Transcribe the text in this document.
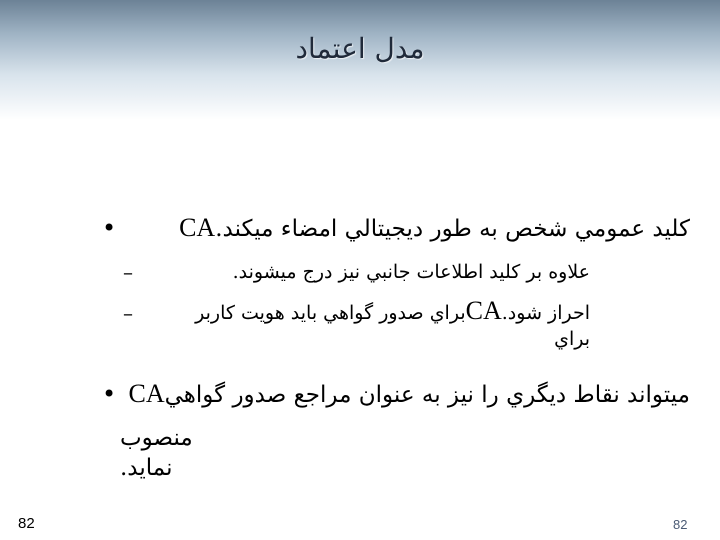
مدل اعتماد
•	کليد عمومي شخص به طور ديجيتالي امضاء ميکند.CA
–	علاوه بر کليد اطلاعات جانبي نيز درج ميشوند.
–	احراز شود.CAبراي صدور گواهي بايد هويت کاربر براي
•	ميتواند نقاط ديگري را نيز به عنوان مراجع صدور گواهيCA
منصوب نمايد.
82	82
